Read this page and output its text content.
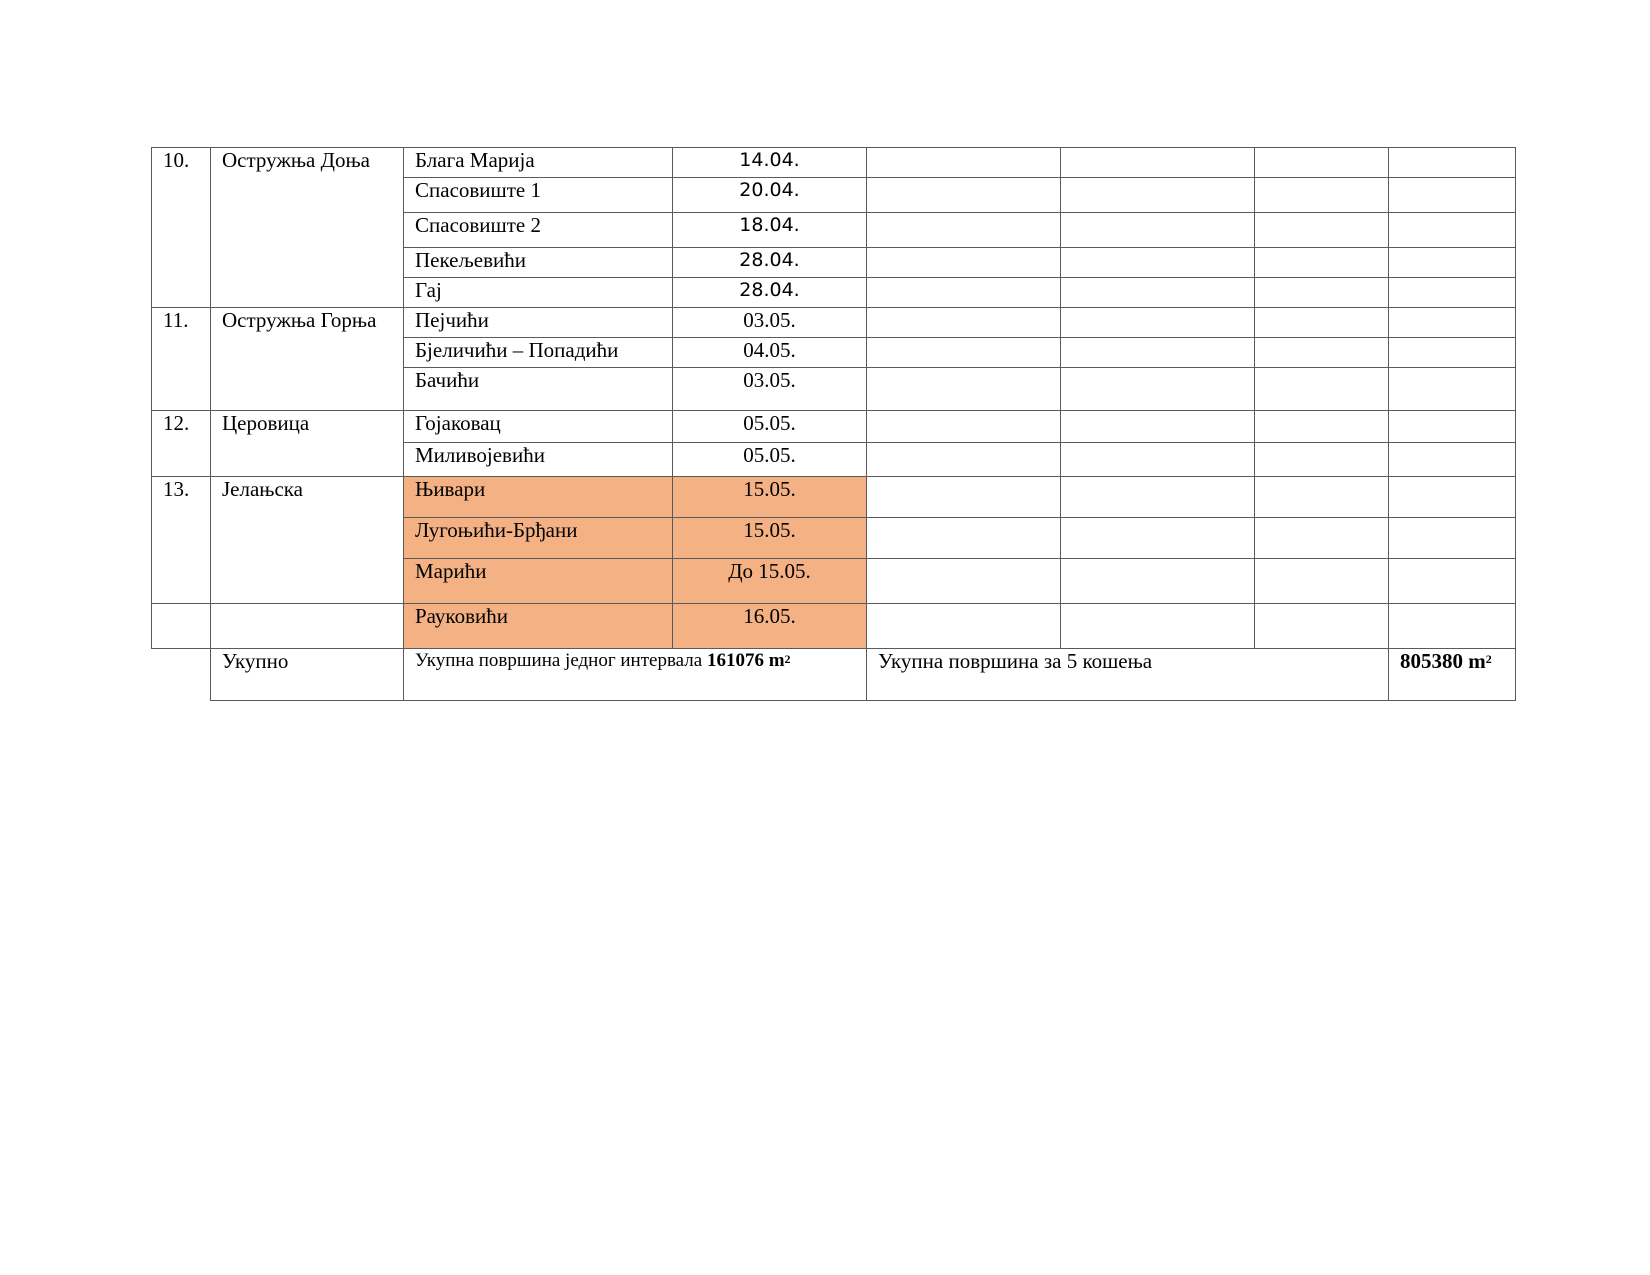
10.	Остружња Доња	Блага Марија	14.04.				
		Спасовиште 1	20.04.				
		Спасовиште 2	18.04.				
		Пекељевићи	28.04.				
		Гај	28.04.				
11.	Остружња Горња	Пејчићи	03.05.				
		Бјеличићи – Попадићи	04.05.				
		Бачићи	03.05.				
12.	Церовица	Гојаковац	05.05.				
		Миливојевићи	05.05.				
13.	Јелањска	Њивари	15.05.				
		Лугоњићи-Брђани	15.05.				
		Марићи	До 15.05.				
		Рауковићи	16.05.				
	Укупно	Укупна површина једног интервала 161076 $m^2$		Укупна површина за 5 кошења			805380 $m^2$
